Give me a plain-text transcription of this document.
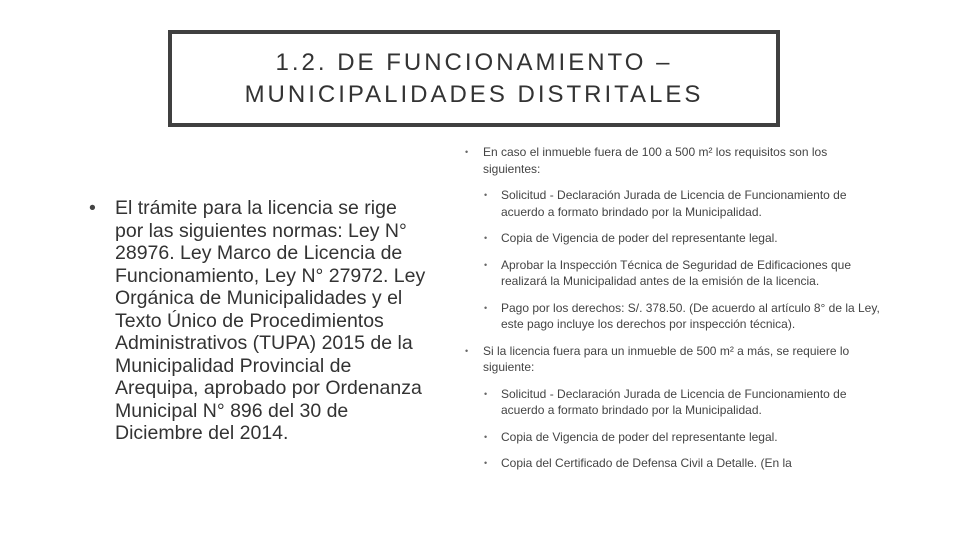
1.2. DE FUNCIONAMIENTO –
MUNICIPALIDADES DISTRITALES
• El trámite para la licencia se rige por las siguientes normas: Ley N° 28976. Ley Marco de Licencia de Funcionamiento, Ley N° 27972. Ley Orgánica de Municipalidades y el Texto Único de Procedimientos Administrativos (TUPA) 2015 de la Municipalidad Provincial de Arequipa, aprobado por Ordenanza Municipal N° 896 del 30 de Diciembre del 2014.
•	En caso el inmueble fuera de 100 a 500 m² los requisitos son los siguientes:
•	Solicitud - Declaración Jurada de Licencia de Funcionamiento de acuerdo a formato brindado por la Municipalidad.
•	Copia de Vigencia de poder del representante legal.
•	Aprobar la Inspección Técnica de Seguridad de Edificaciones que realizará la Municipalidad antes de la emisión de la licencia.
•	Pago por los derechos: S/. 378.50. (De acuerdo al artículo 8° de la Ley, este pago incluye los derechos por inspección técnica).
•	Si la licencia fuera para un inmueble de 500 m² a más, se requiere lo siguiente:
•	Solicitud - Declaración Jurada de Licencia de Funcionamiento de acuerdo a formato brindado por la Municipalidad.
•	Copia de Vigencia de poder del representante legal.
•	Copia del Certificado de Defensa Civil a Detalle. (En la
